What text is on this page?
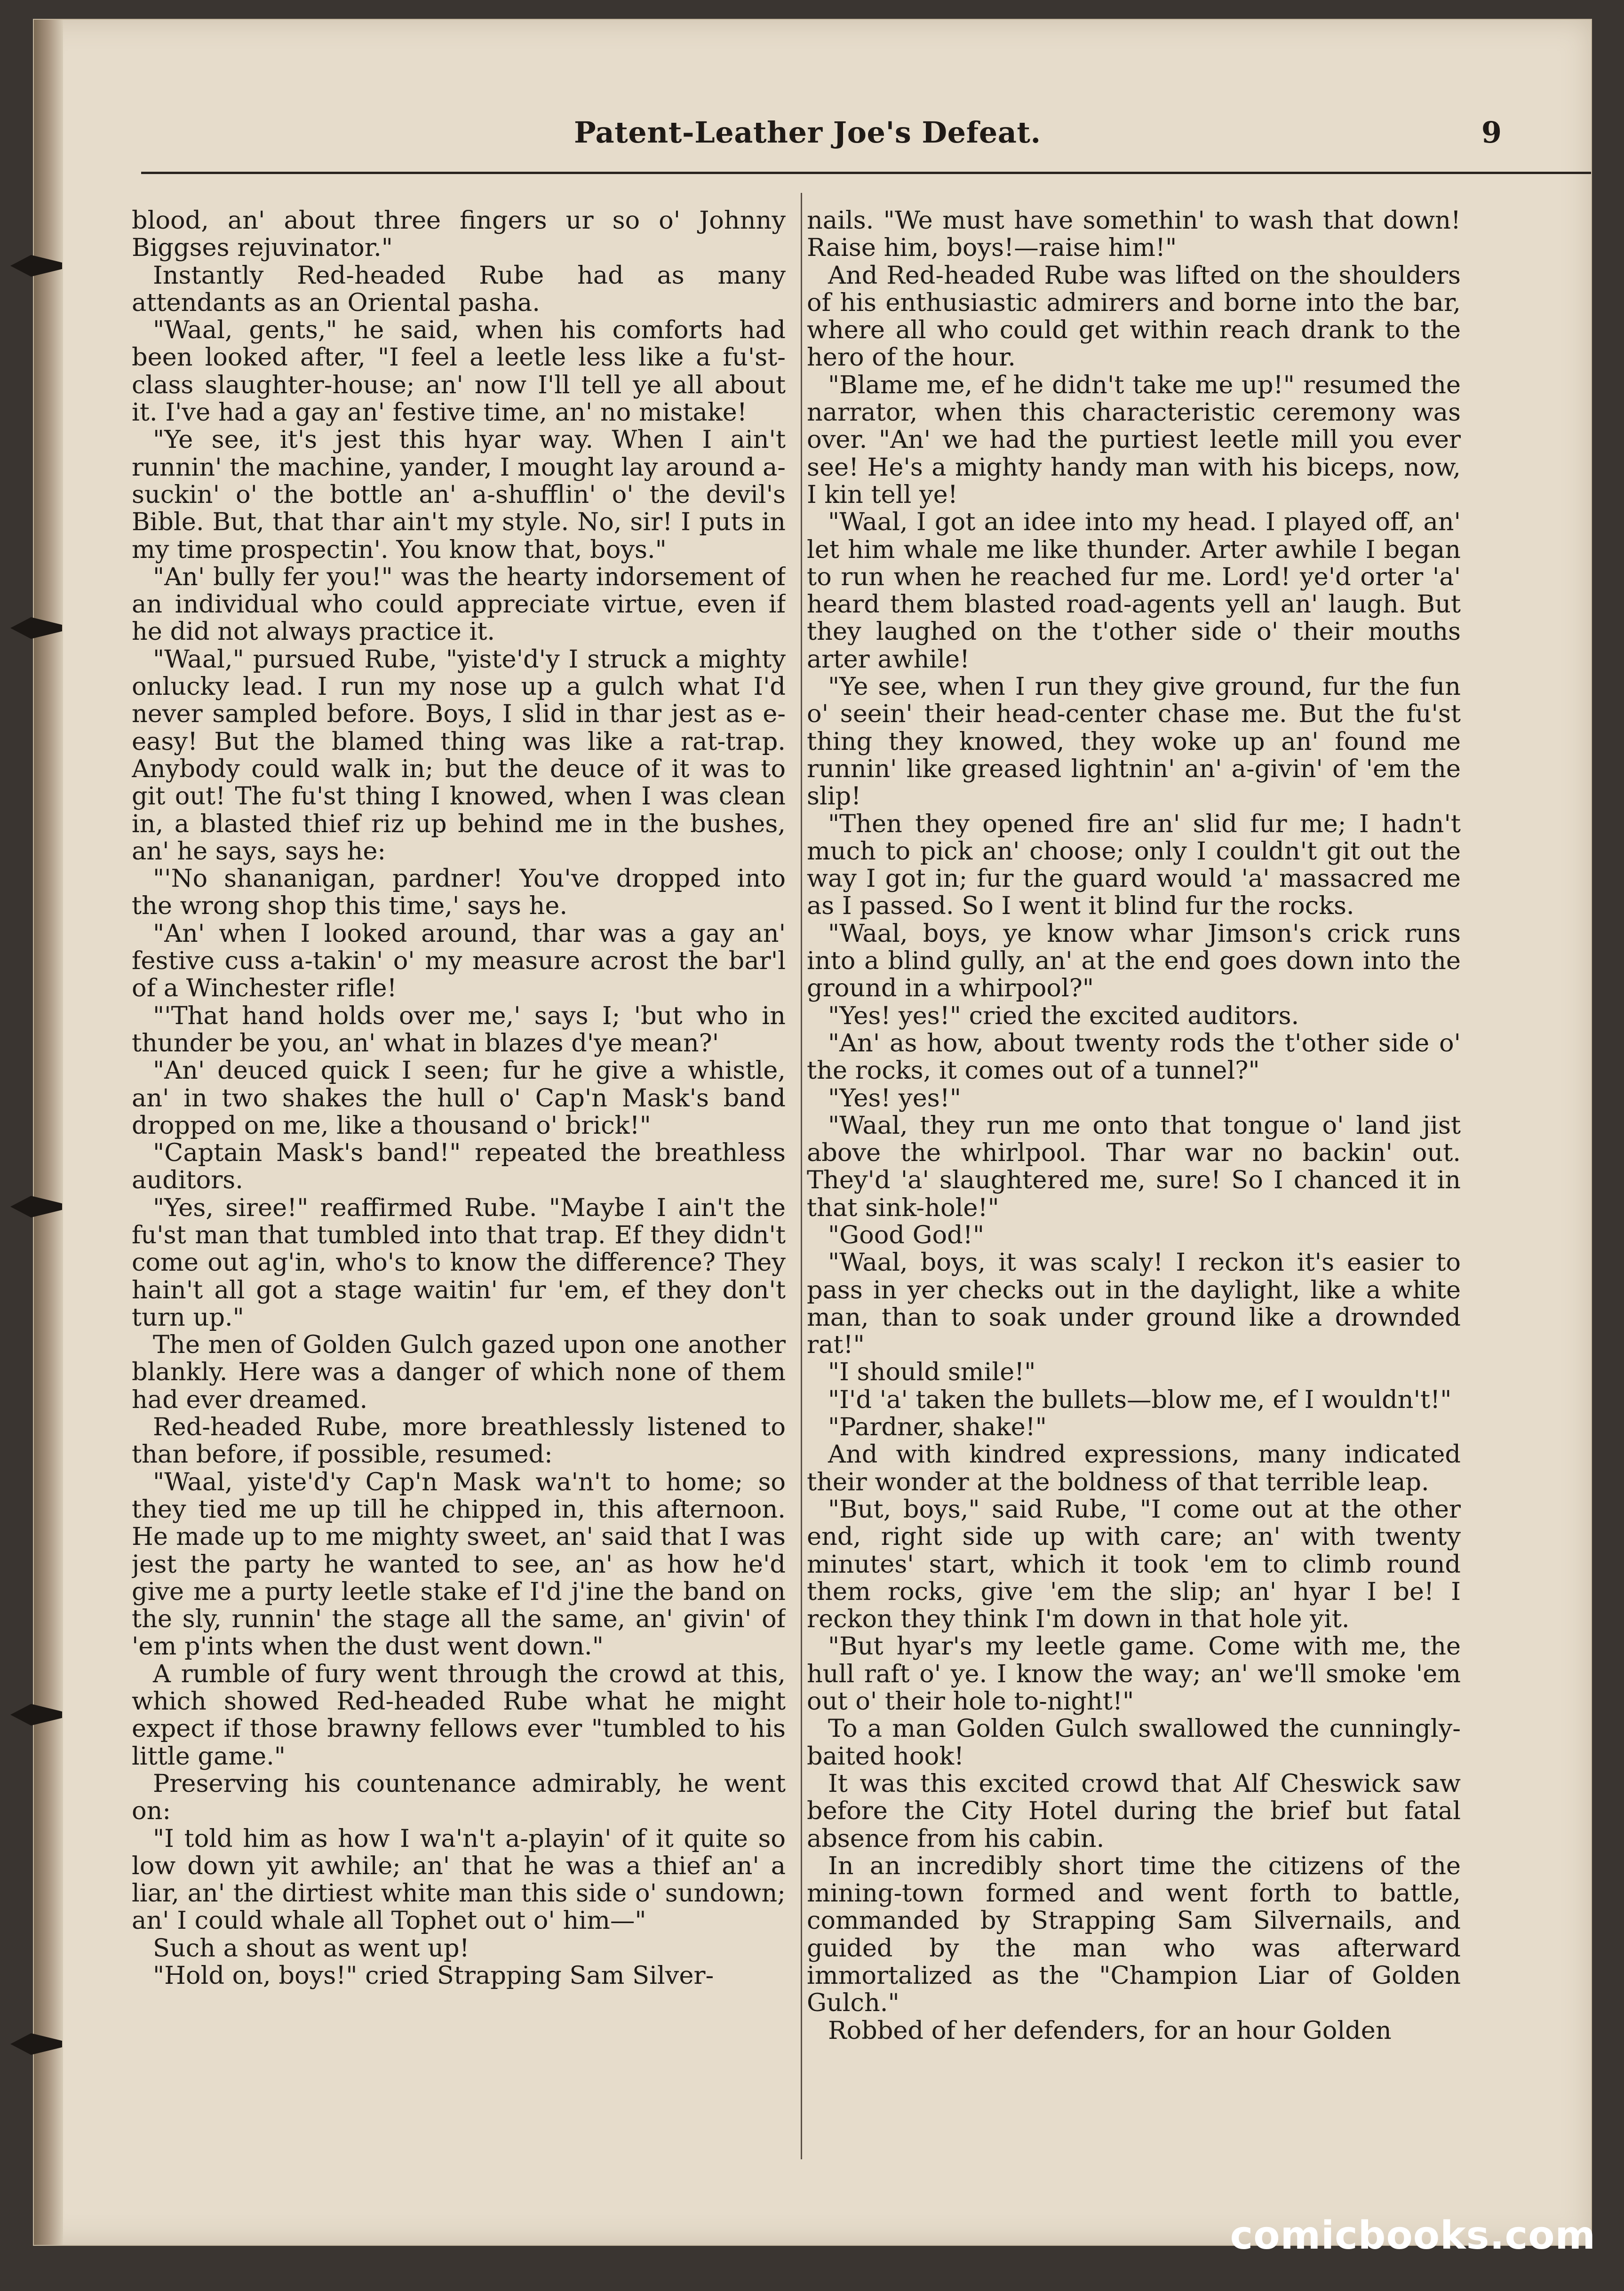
Patent-Leather Joe's Defeat.	9

blood, an' about three fingers ur so o' Johnny Biggses rejuvinator."

Instantly Red-headed Rube had as many attendants as an Oriental pasha.

"Waal, gents," he said, when his comforts had been looked after, "I feel a leetle less like a fu'st-class slaughter-house; an' now I'll tell ye all about it. I've had a gay an' festive time, an' no mistake!

"Ye see, it's jest this hyar way. When I ain't runnin' the machine, yander, I mought lay around a-suckin' o' the bottle an' a-shufflin' o' the devil's Bible. But, that thar ain't my style. No, sir! I puts in my time prospectin'. You know that, boys."

"An' bully fer you!" was the hearty indorsement of an individual who could appreciate virtue, even if he did not always practice it.

"Waal," pursued Rube, "yiste'd'y I struck a mighty onlucky lead. I run my nose up a gulch what I'd never sampled before. Boys, I slid in thar jest as e-easy! But the blamed thing was like a rat-trap. Anybody could walk in; but the deuce of it was to git out! The fu'st thing I knowed, when I was clean in, a blasted thief riz up behind me in the bushes, an' he says, says he:

"'No shananigan, pardner! You've dropped into the wrong shop this time,' says he.

"An' when I looked around, thar was a gay an' festive cuss a-takin' o' my measure acrost the bar'l of a Winchester rifle!

"'That hand holds over me,' says I; 'but who in thunder be you, an' what in blazes d'ye mean?'

"An' deuced quick I seen; fur he give a whistle, an' in two shakes the hull o' Cap'n Mask's band dropped on me, like a thousand o' brick!"

"Captain Mask's band!" repeated the breathless auditors.

"Yes, siree!" reaffirmed Rube. "Maybe I ain't the fu'st man that tumbled into that trap. Ef they didn't come out ag'in, who's to know the difference? They hain't all got a stage waitin' fur 'em, ef they don't turn up."

The men of Golden Gulch gazed upon one another blankly. Here was a danger of which none of them had ever dreamed.

Red-headed Rube, more breathlessly listened to than before, if possible, resumed:

"Waal, yiste'd'y Cap'n Mask wa'n't to home; so they tied me up till he chipped in, this afternoon. He made up to me mighty sweet, an' said that I was jest the party he wanted to see, an' as how he'd give me a purty leetle stake ef I'd j'ine the band on the sly, runnin' the stage all the same, an' givin' of 'em p'ints when the dust went down."

A rumble of fury went through the crowd at this, which showed Red-headed Rube what he might expect if those brawny fellows ever "tumbled to his little game."

Preserving his countenance admirably, he went on:

"I told him as how I wa'n't a-playin' of it quite so low down yit awhile; an' that he was a thief an' a liar, an' the dirtiest white man this side o' sundown; an' I could whale all Tophet out o' him—"

Such a shout as went up!

"Hold on, boys!" cried Strapping Sam Silver-

nails. "We must have somethin' to wash that down! Raise him, boys!—raise him!"

And Red-headed Rube was lifted on the shoulders of his enthusiastic admirers and borne into the bar, where all who could get within reach drank to the hero of the hour.

"Blame me, ef he didn't take me up!" resumed the narrator, when this characteristic ceremony was over. "An' we had the purtiest leetle mill you ever see! He's a mighty handy man with his biceps, now, I kin tell ye!

"Waal, I got an idee into my head. I played off, an' let him whale me like thunder. Arter awhile I began to run when he reached fur me. Lord! ye'd orter 'a' heard them blasted road-agents yell an' laugh. But they laughed on the t'other side o' their mouths arter awhile!

"Ye see, when I run they give ground, fur the fun o' seein' their head-center chase me. But the fu'st thing they knowed, they woke up an' found me runnin' like greased lightnin' an' a-givin' of 'em the slip!

"Then they opened fire an' slid fur me; I hadn't much to pick an' choose; only I couldn't git out the way I got in; fur the guard would 'a' massacred me as I passed. So I went it blind fur the rocks.

"Waal, boys, ye know whar Jimson's crick runs into a blind gully, an' at the end goes down into the ground in a whirpool?"

"Yes! yes!" cried the excited auditors.

"An' as how, about twenty rods the t'other side o' the rocks, it comes out of a tunnel?"

"Yes! yes!"

"Waal, they run me onto that tongue o' land jist above the whirlpool. Thar war no backin' out. They'd 'a' slaughtered me, sure! So I chanced it in that sink-hole!"

"Good God!"

"Waal, boys, it was scaly! I reckon it's easier to pass in yer checks out in the daylight, like a white man, than to soak under ground like a drownded rat!"

"I should smile!"

"I'd 'a' taken the bullets—blow me, ef I wouldn't!"

"Pardner, shake!"

And with kindred expressions, many indicated their wonder at the boldness of that terrible leap.

"But, boys," said Rube, "I come out at the other end, right side up with care; an' with twenty minutes' start, which it took 'em to climb round them rocks, give 'em the slip; an' hyar I be! I reckon they think I'm down in that hole yit.

"But hyar's my leetle game. Come with me, the hull raft o' ye. I know the way; an' we'll smoke 'em out o' their hole to-night!"

To a man Golden Gulch swallowed the cunningly-baited hook!

It was this excited crowd that Alf Cheswick saw before the City Hotel during the brief but fatal absence from his cabin.

In an incredibly short time the citizens of the mining-town formed and went forth to battle, commanded by Strapping Sam Silvernails, and guided by the man who was afterward immortalized as the "Champion Liar of Golden Gulch."

Robbed of her defenders, for an hour Golden

comicbooks.com
